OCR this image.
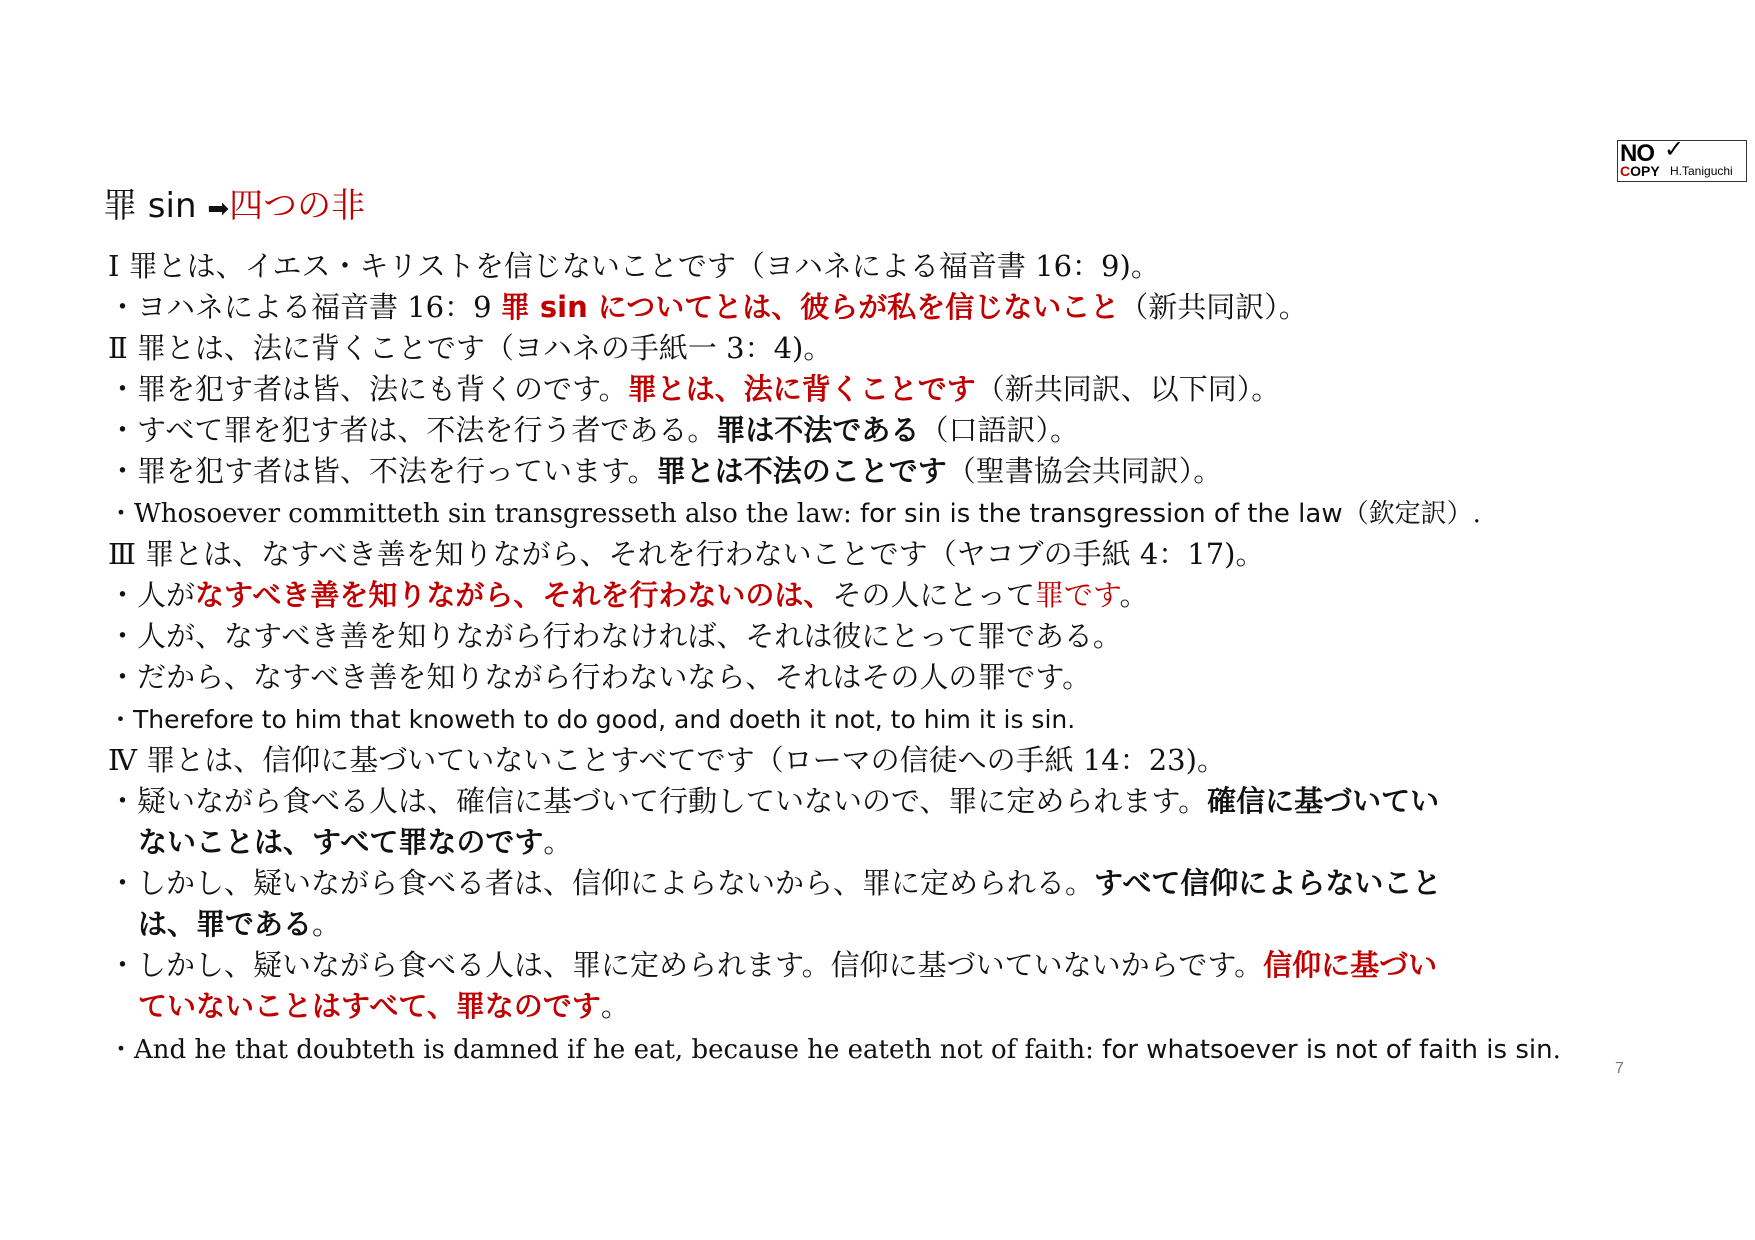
NO ✓
COPY H.Taniguchi
罪 sin ➡四つの非
Ⅰ 罪とは、イエス・キリストを信じないことです（ヨハネによる福音書 16：9)。
・ヨハネによる福音書 16：9 罪 sin についてとは、彼らが私を信じないこと（新共同訳）。
Ⅱ 罪とは、法に背くことです（ヨハネの手紙一 3：4)。
・罪を犯す者は皆、法にも背くのです。罪とは、法に背くことです（新共同訳、以下同）。
・すべて罪を犯す者は、不法を行う者である。罪は不法である（口語訳）。
・罪を犯す者は皆、不法を行っています。罪とは不法のことです（聖書協会共同訳）。
・Whosoever committeth sin transgresseth also the law: for sin is the transgression of the law（欽定訳）.
Ⅲ 罪とは、なすべき善を知りながら、それを行わないことです（ヤコブの手紙 4：17)。
・人がなすべき善を知りながら、それを行わないのは、その人にとって罪です。
・人が、なすべき善を知りながら行わなければ、それは彼にとって罪である。
・だから、なすべき善を知りながら行わないなら、それはその人の罪です。
・Therefore to him that knoweth to do good, and doeth it not, to him it is sin.
Ⅳ 罪とは、信仰に基づいていないことすべてです（ローマの信徒への手紙 14：23)。
・疑いながら食べる人は、確信に基づいて行動していないので、罪に定められます。確信に基づいてい
ないことは、すべて罪なのです。
・しかし、疑いながら食べる者は、信仰によらないから、罪に定められる。すべて信仰によらないこと
は、罪である。
・しかし、疑いながら食べる人は、罪に定められます。信仰に基づいていないからです。信仰に基づい
ていないことはすべて、罪なのです。
・And he that doubteth is damned if he eat, because he eateth not of faith: for whatsoever is not of faith is sin.
7
